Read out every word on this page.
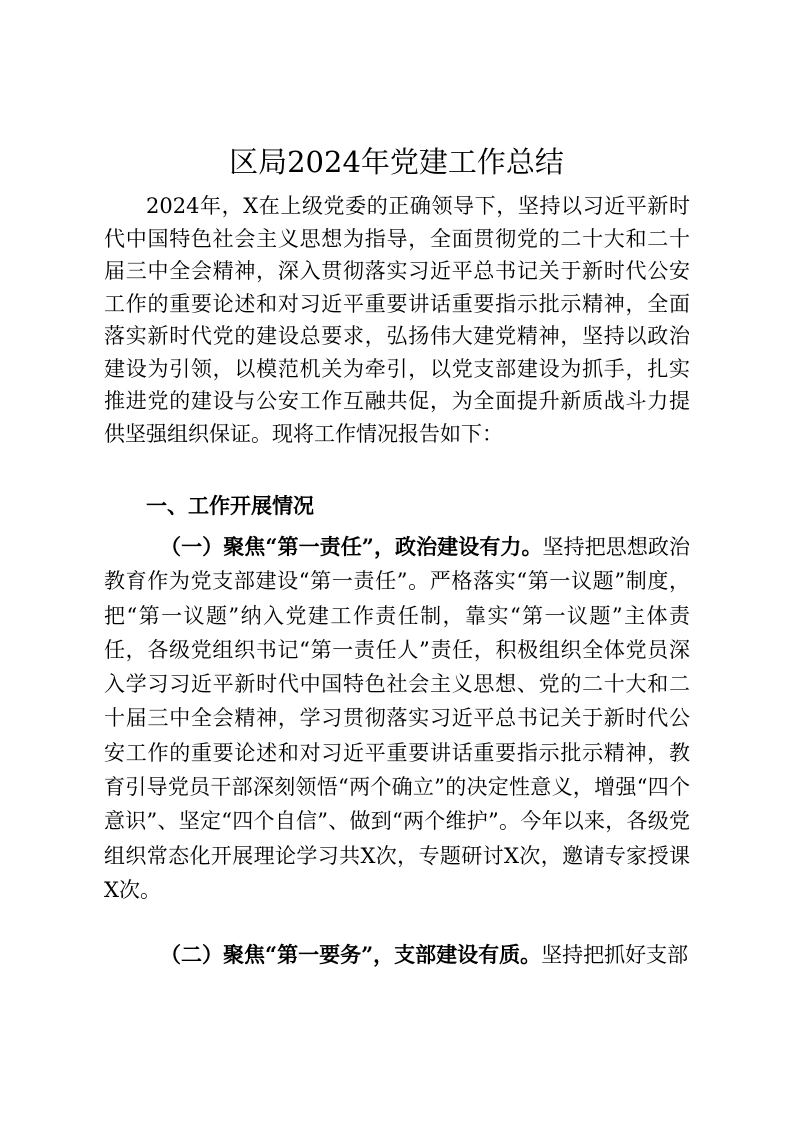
区局2024年党建工作总结

2024年，X在上级党委的正确领导下，坚持以习近平新时代中国特色社会主义思想为指导，全面贯彻党的二十大和二十届三中全会精神，深入贯彻落实习近平总书记关于新时代公安工作的重要论述和对习近平重要讲话重要指示批示精神，全面落实新时代党的建设总要求，弘扬伟大建党精神，坚持以政治建设为引领，以模范机关为牵引，以党支部建设为抓手，扎实推进党的建设与公安工作互融共促，为全面提升新质战斗力提供坚强组织保证。现将工作情况报告如下：

一、工作开展情况

（一）聚焦“第一责任”，政治建设有力。坚持把思想政治教育作为党支部建设“第一责任”。严格落实“第一议题”制度，把“第一议题”纳入党建工作责任制，靠实“第一议题”主体责任，各级党组织书记“第一责任人”责任，积极组织全体党员深入学习习近平新时代中国特色社会主义思想、党的二十大和二十届三中全会精神，学习贯彻落实习近平总书记关于新时代公安工作的重要论述和对习近平重要讲话重要指示批示精神，教育引导党员干部深刻领悟“两个确立”的决定性意义，增强“四个意识”、坚定“四个自信”、做到“两个维护”。今年以来，各级党组织常态化开展理论学习共X次，专题研讨X次，邀请专家授课X次。

（二）聚焦“第一要务”，支部建设有质。坚持把抓好支部
